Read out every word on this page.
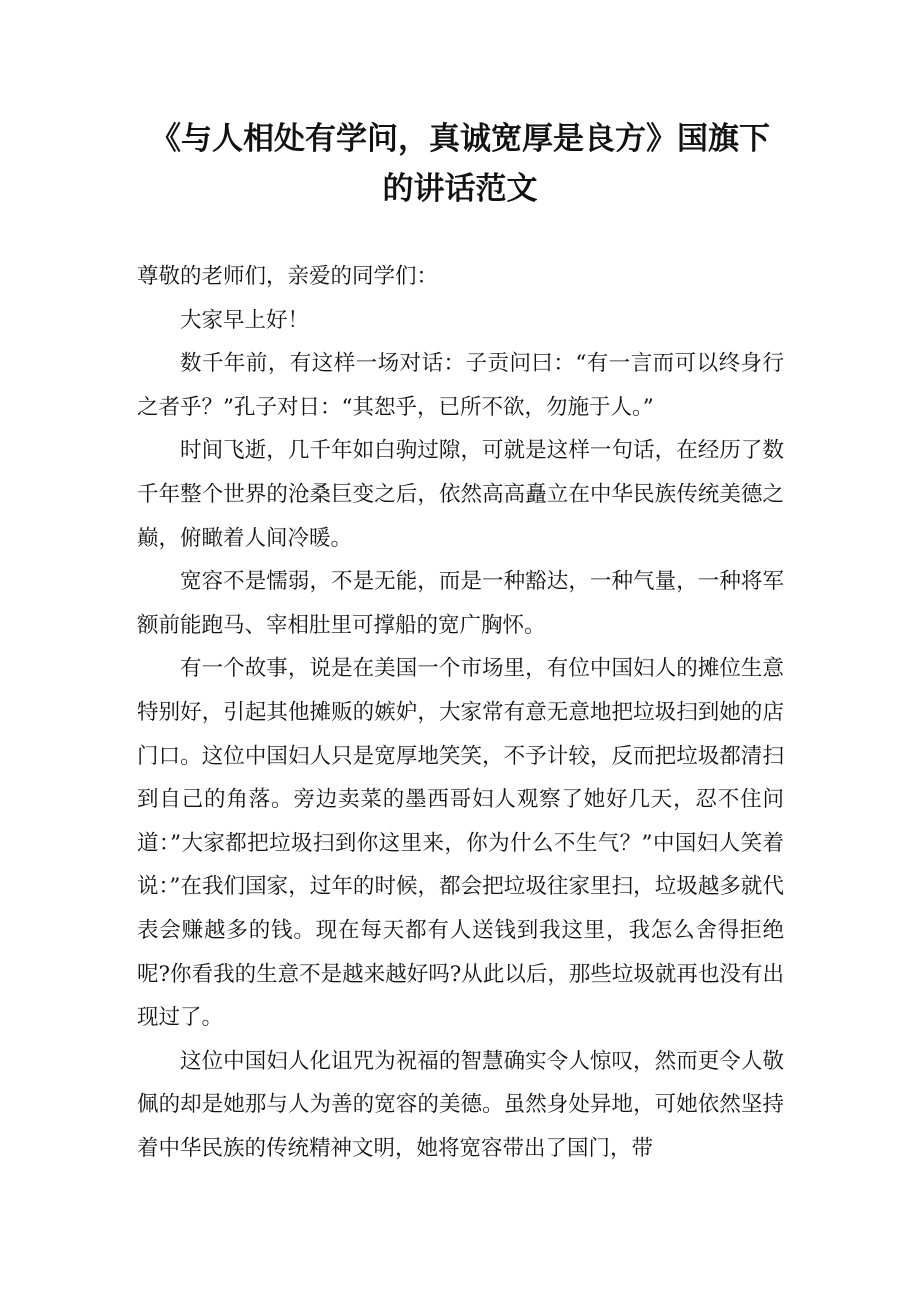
《与人相处有学问，真诚宽厚是良方》国旗下的讲话范文

尊敬的老师们，亲爱的同学们：

大家早上好！

数千年前，有这样一场对话：子贡问曰：“有一言而可以终身行之者乎？”孔子对日：“其恕乎，已所不欲，勿施于人。”

时间飞逝，几千年如白驹过隙，可就是这样一句话，在经历了数千年整个世界的沧桑巨变之后，依然高高矗立在中华民族传统美德之巅，俯瞰着人间冷暖。

宽容不是懦弱，不是无能，而是一种豁达，一种气量，一种将军额前能跑马、宰相肚里可撑船的宽广胸怀。

有一个故事，说是在美国一个市场里，有位中国妇人的摊位生意特别好，引起其他摊贩的嫉妒，大家常有意无意地把垃圾扫到她的店门口。这位中国妇人只是宽厚地笑笑，不予计较，反而把垃圾都清扫到自己的角落。旁边卖菜的墨西哥妇人观察了她好几天，忍不住问道：”大家都把垃圾扫到你这里来，你为什么不生气？”中国妇人笑着说：”在我们国家，过年的时候，都会把垃圾往家里扫，垃圾越多就代表会赚越多的钱。现在每天都有人送钱到我这里，我怎么舍得拒绝呢?你看我的生意不是越来越好吗?从此以后，那些垃圾就再也没有出现过了。

这位中国妇人化诅咒为祝福的智慧确实令人惊叹，然而更令人敬佩的却是她那与人为善的宽容的美德。虽然身处异地，可她依然坚持着中华民族的传统精神文明，她将宽容带出了国门，带
